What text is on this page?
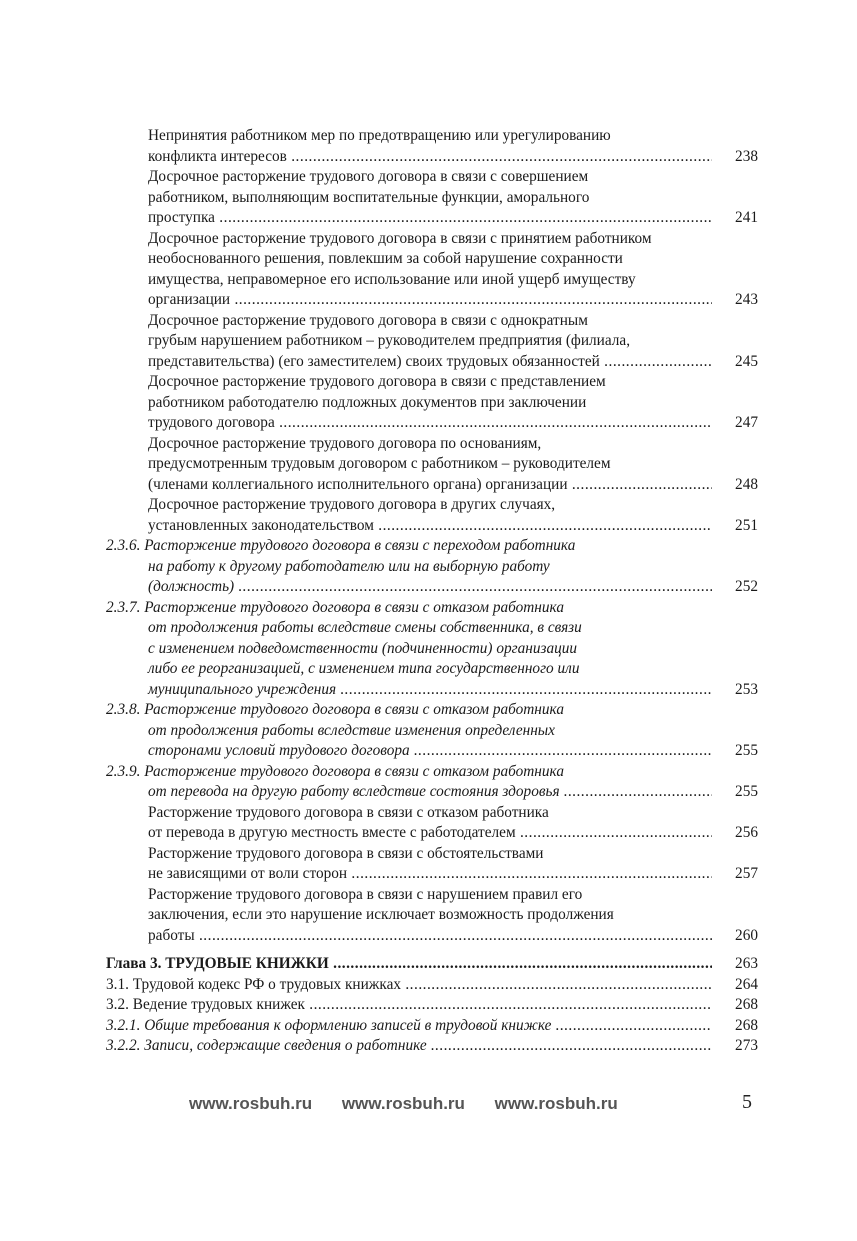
Непринятия работником мер по предотвращению или урегулированию
конфликта интересов .....	238
Досрочное расторжение трудового договора в связи с совершением
работником, выполняющим воспитательные функции, аморального
проступка .....	241
Досрочное расторжение трудового договора в связи с принятием работником
необоснованного решения, повлекшим за собой нарушение сохранности
имущества, неправомерное его использование или иной ущерб имуществу
организации .....	243
Досрочное расторжение трудового договора в связи с однократным
грубым нарушением работником – руководителем предприятия (филиала,
представительства) (его заместителем) своих трудовых обязанностей .....	245
Досрочное расторжение трудового договора в связи с представлением
работником работодателю подложных документов при заключении
трудового договора .....	247
Досрочное расторжение трудового договора по основаниям,
предусмотренным трудовым договором с работником – руководителем
(членами коллегиального исполнительного органа) организации .....	248
Досрочное расторжение трудового договора в других случаях,
установленных законодательством .....	251
2.3.6. Расторжение трудового договора в связи с переходом работника
на работу к другому работодателю или на выборную работу
(должность) .....	252
2.3.7. Расторжение трудового договора в связи с отказом работника
от продолжения работы вследствие смены собственника, в связи
с изменением подведомственности (подчиненности) организации
либо ее реорганизацией, с изменением типа государственного или
муниципального учреждения .....	253
2.3.8. Расторжение трудового договора в связи с отказом работника
от продолжения работы вследствие изменения определенных
сторонами условий трудового договора .....	255
2.3.9. Расторжение трудового договора в связи с отказом работника
от перевода на другую работу вследствие состояния здоровья .....	255
Расторжение трудового договора в связи с отказом работника
от перевода в другую местность вместе с работодателем .....	256
Расторжение трудового договора в связи с обстоятельствами
не зависящими от воли сторон .....	257
Расторжение трудового договора в связи с нарушением правил его
заключения, если это нарушение исключает возможность продолжения
работы .....	260
Глава 3. ТРУДОВЫЕ КНИЖКИ .....	263
3.1. Трудовой кодекс РФ о трудовых книжках .....	264
3.2. Ведение трудовых книжек .....	268
3.2.1. Общие требования к оформлению записей в трудовой книжке .....	268
3.2.2. Записи, содержащие сведения о работнике .....	273
www.rosbuh.ru www.rosbuh.ru www.rosbuh.ru	5
